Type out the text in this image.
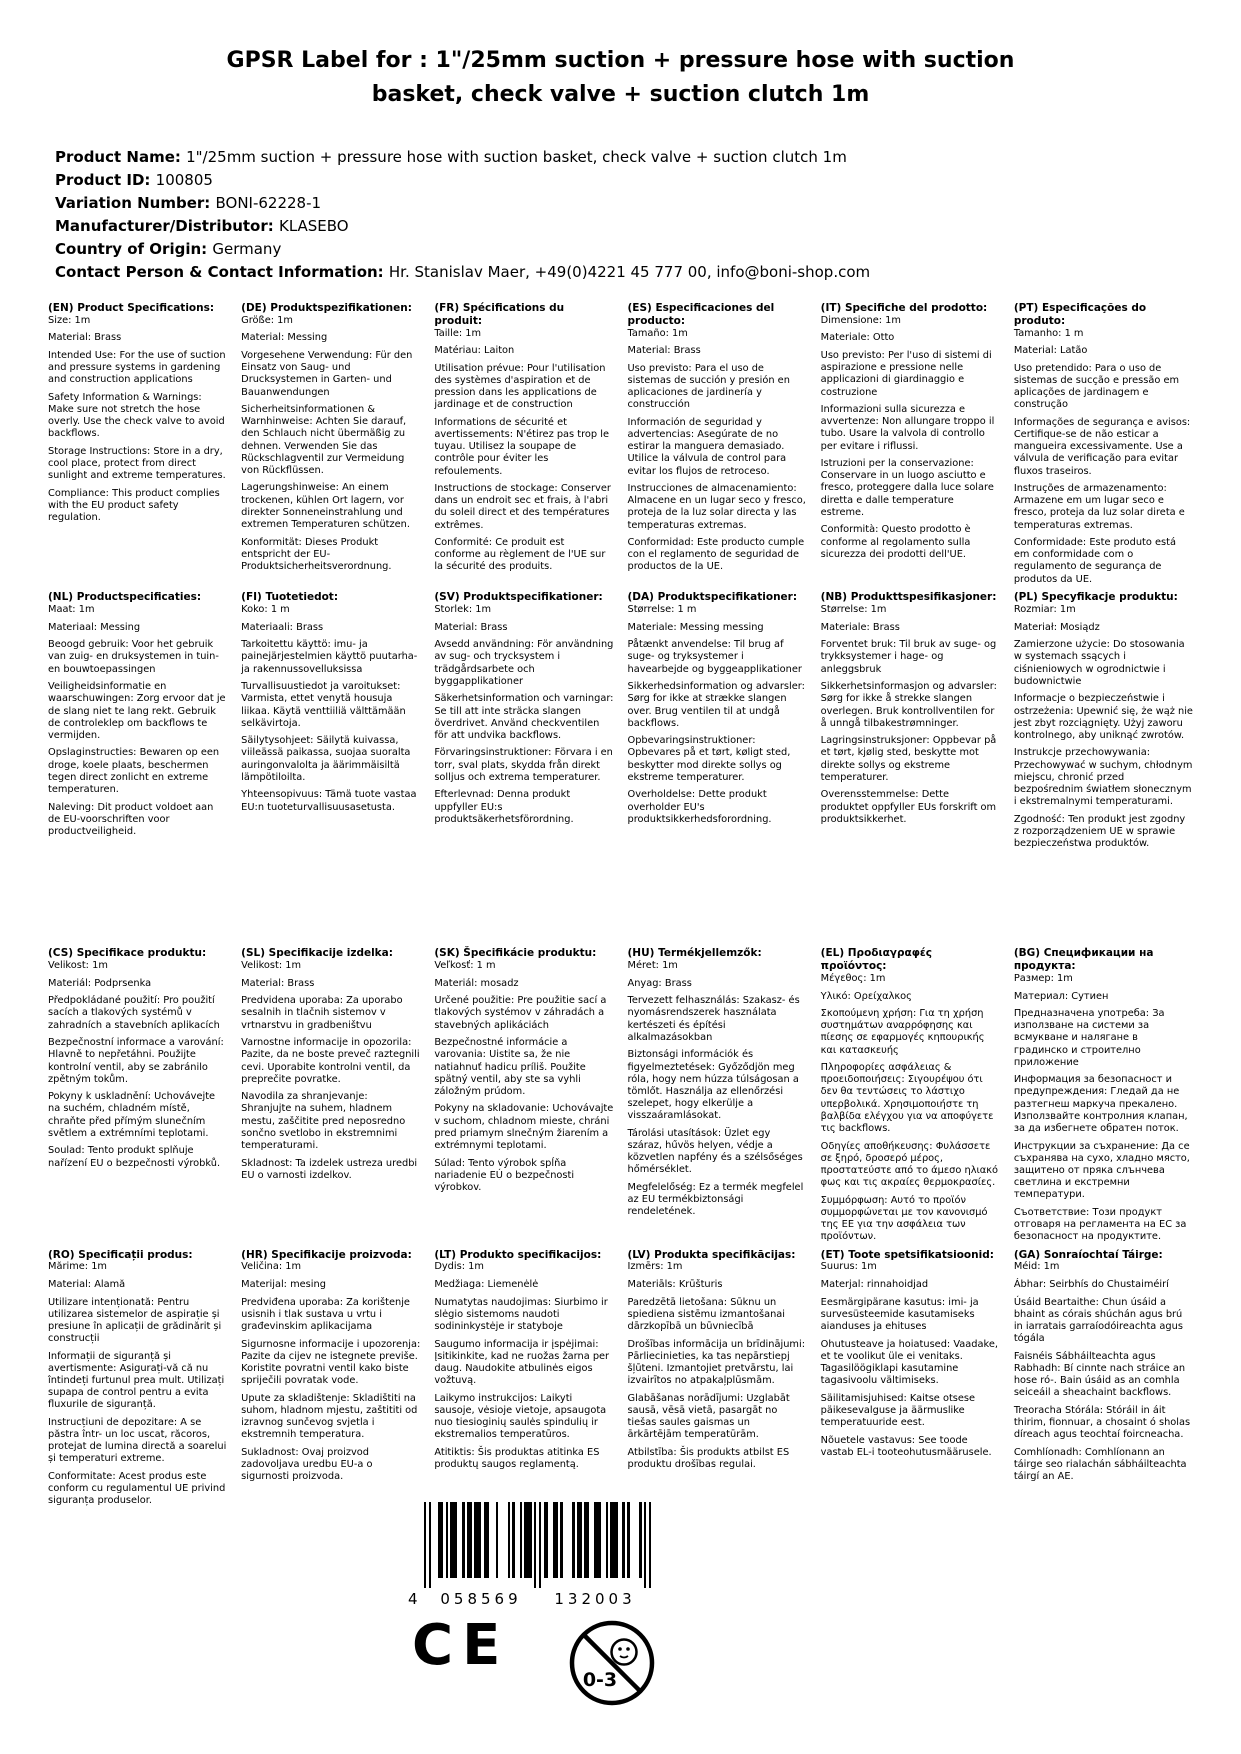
GPSR Label for : 1"/25mm suction + pressure hose with suction basket, check valve + suction clutch 1m
Product Name: 1"/25mm suction + pressure hose with suction basket, check valve + suction clutch 1m
Product ID: 100805
Variation Number: BONI-62228-1
Manufacturer/Distributor: KLASEBO
Country of Origin: Germany
Contact Person & Contact Information: Hr. Stanislav Maer, +49(0)4221 45 777 00, info@boni-shop.com
(EN) Product Specifications:

Size: 1m

Material: Brass

Intended Use: For the use of suction and pressure systems in gardening and construction applications

Safety Information & Warnings: Make sure not stretch the hose overly. Use the check valve to avoid backflows.

Storage Instructions: Store in a dry, cool place, protect from direct sunlight and extreme temperatures.

Compliance: This product complies with the EU product safety regulation.

(DE) Produktspezifikationen:

Größe: 1m

Material: Messing

Vorgesehene Verwendung: Für den Einsatz von Saug- und Drucksystemen in Garten- und Bauanwendungen

Sicherheitsinformationen & Warnhinweise: Achten Sie darauf, den Schlauch nicht übermäßig zu dehnen. Verwenden Sie das Rückschlagventil zur Vermeidung von Rückflüssen.

Lagerungshinweise: An einem trockenen, kühlen Ort lagern, vor direkter Sonneneinstrahlung und extremen Temperaturen schützen.

Konformität: Dieses Produkt entspricht der EU-Produktsicherheitsverordnung.

(FR) Spécifications du produit:

Taille: 1m

Matériau: Laiton

Utilisation prévue: Pour l'utilisation des systèmes d'aspiration et de pression dans les applications de jardinage et de construction

Informations de sécurité et avertissements: N'étirez pas trop le tuyau. Utilisez la soupape de contrôle pour éviter les refoulements.

Instructions de stockage: Conserver dans un endroit sec et frais, à l'abri du soleil direct et des températures extrêmes.

Conformité: Ce produit est conforme au règlement de l'UE sur la sécurité des produits.

(ES) Especificaciones del producto:

Tamaño: 1m

Material: Brass

Uso previsto: Para el uso de sistemas de succión y presión en aplicaciones de jardinería y construcción

Información de seguridad y advertencias: Asegúrate de no estirar la manguera demasiado. Utilice la válvula de control para evitar los flujos de retroceso.

Instrucciones de almacenamiento: Almacene en un lugar seco y fresco, proteja de la luz solar directa y las temperaturas extremas.

Conformidad: Este producto cumple con el reglamento de seguridad de productos de la UE.

(IT) Specifiche del prodotto:

Dimensione: 1m

Materiale: Otto

Uso previsto: Per l'uso di sistemi di aspirazione e pressione nelle applicazioni di giardinaggio e costruzione

Informazioni sulla sicurezza e avvertenze: Non allungare troppo il tubo. Usare la valvola di controllo per evitare i riflussi.

Istruzioni per la conservazione: Conservare in un luogo asciutto e fresco, proteggere dalla luce solare diretta e dalle temperature estreme.

Conformità: Questo prodotto è conforme al regolamento sulla sicurezza dei prodotti dell'UE.

(PT) Especificações do produto:

Tamanho: 1 m

Material: Latão

Uso pretendido: Para o uso de sistemas de sucção e pressão em aplicações de jardinagem e construção

Informações de segurança e avisos: Certifique-se de não esticar a mangueira excessivamente. Use a válvula de verificação para evitar fluxos traseiros.

Instruções de armazenamento: Armazene em um lugar seco e fresco, proteja da luz solar direta e temperaturas extremas.

Conformidade: Este produto está em conformidade com o regulamento de segurança de produtos da UE.

(NL) Productspecificaties:

Maat: 1m

Materiaal: Messing

Beoogd gebruik: Voor het gebruik van zuig- en druksystemen in tuin- en bouwtoepassingen

Veiligheidsinformatie en waarschuwingen: Zorg ervoor dat je de slang niet te lang rekt. Gebruik de controleklep om backflows te vermijden.

Opslaginstructies: Bewaren op een droge, koele plaats, beschermen tegen direct zonlicht en extreme temperaturen.

Naleving: Dit product voldoet aan de EU-voorschriften voor productveiligheid.

(FI) Tuotetiedot:

Koko: 1 m

Materiaali: Brass

Tarkoitettu käyttö: imu- ja painejärjestelmien käyttö puutarha- ja rakennussovelluksissa

Turvallisuustiedot ja varoitukset: Varmista, ettet venytä housuja liikaa. Käytä venttiiliä välttämään selkävirtoja.

Säilytysohjeet: Säilytä kuivassa, viileässä paikassa, suojaa suoralta auringonvalolta ja äärimmäisiltä lämpötiloilta.

Yhteensopivuus: Tämä tuote vastaa EU:n tuoteturvallisuusasetusta.

(SV) Produktspecifikationer:

Storlek: 1m

Material: Brass

Avsedd användning: För användning av sug- och trycksystem i trädgårdsarbete och byggapplikationer

Säkerhetsinformation och varningar: Se till att inte sträcka slangen överdrivet. Använd checkventilen för att undvika backflows.

Förvaringsinstruktioner: Förvara i en torr, sval plats, skydda från direkt solljus och extrema temperaturer.

Efterlevnad: Denna produkt uppfyller EU:s produktsäkerhetsförordning.

(DA) Produktspecifikationer:

Størrelse: 1 m

Materiale: Messing messing

Påtænkt anvendelse: Til brug af suge- og tryksystemer i havearbejde og byggeapplikationer

Sikkerhedsinformation og advarsler: Sørg for ikke at strække slangen over. Brug ventilen til at undgå backflows.

Opbevaringsinstruktioner: Opbevares på et tørt, køligt sted, beskytter mod direkte sollys og ekstreme temperaturer.

Overholdelse: Dette produkt overholder EU's produktsikkerhedsforordning.

(NB) Produkttspesifikasjoner:

Størrelse: 1m

Materiale: Brass

Forventet bruk: Til bruk av suge- og trykksystemer i hage- og anleggsbruk

Sikkerhetsinformasjon og advarsler: Sørg for ikke å strekke slangen overlegen. Bruk kontrollventilen for å unngå tilbakestrømninger.

Lagringsinstruksjoner: Oppbevar på et tørt, kjølig sted, beskytte mot direkte sollys og ekstreme temperaturer.

Overensstemmelse: Dette produktet oppfyller EUs forskrift om produktsikkerhet.

(PL) Specyfikacje produktu:

Rozmiar: 1m

Materiał: Mosiądz

Zamierzone użycie: Do stosowania w systemach ssących i ciśnieniowych w ogrodnictwie i budownictwie

Informacje o bezpieczeństwie i ostrzeżenia: Upewnić się, że wąż nie jest zbyt rozciągnięty. Użyj zaworu kontrolnego, aby uniknąć zwrotów.

Instrukcje przechowywania: Przechowywać w suchym, chłodnym miejscu, chronić przed bezpośrednim światłem słonecznym i ekstremalnymi temperaturami.

Zgodność: Ten produkt jest zgodny z rozporządzeniem UE w sprawie bezpieczeństwa produktów.

(CS) Specifikace produktu:

Velikost: 1m

Materiál: Podprsenka

Předpokládané použití: Pro použití sacích a tlakových systémů v zahradních a stavebních aplikacích

Bezpečnostní informace a varování: Hlavně to nepřetáhni. Použijte kontrolní ventil, aby se zabránilo zpětným tokům.

Pokyny k uskladnění: Uchovávejte na suchém, chladném místě, chraňte před přímým slunečním světlem a extrémními teplotami.

Soulad: Tento produkt splňuje nařízení EU o bezpečnosti výrobků.

(SL) Specifikacije izdelka:

Velikost: 1m

Material: Brass

Predvidena uporaba: Za uporabo sesalnih in tlačnih sistemov v vrtnarstvu in gradbeništvu

Varnostne informacije in opozorila: Pazite, da ne boste preveč raztegnili cevi. Uporabite kontrolni ventil, da preprečite povratke.

Navodila za shranjevanje: Shranjujte na suhem, hladnem mestu, zaščitite pred neposredno sončno svetlobo in ekstremnimi temperaturami.

Skladnost: Ta izdelek ustreza uredbi EU o varnosti izdelkov.

(SK) Špecifikácie produktu:

Veľkosť: 1 m

Materiál: mosadz

Určené použitie: Pre použitie sací a tlakových systémov v záhradách a stavebných aplikáciách

Bezpečnostné informácie a varovania: Uistite sa, že nie natiahnuť hadicu príliš. Použite spätný ventil, aby ste sa vyhli záložným prúdom.

Pokyny na skladovanie: Uchovávajte v suchom, chladnom mieste, chráni pred priamym slnečným žiarením a extrémnymi teplotami.

Súlad: Tento výrobok spĺňa nariadenie EÚ o bezpečnosti výrobkov.

(HU) Termékjellemzők:

Méret: 1m

Anyag: Brass

Tervezett felhasználás: Szakasz- és nyomásrendszerek használata kertészeti és építési alkalmazásokban

Biztonsági információk és figyelmeztetések: Győződjön meg róla, hogy nem húzza túlságosan a tömlőt. Használja az ellenőrzési szelepet, hogy elkerülje a visszaáramlásokat.

Tárolási utasítások: Üzlet egy száraz, hűvös helyen, védje a közvetlen napfény és a szélsőséges hőmérséklet.

Megfelelőség: Ez a termék megfelel az EU termékbiztonsági rendeletének.

(EL) Προδιαγραφές προϊόντος:

Μέγεθος: 1m

Υλικό: Ορείχαλκος

Σκοπούμενη χρήση: Για τη χρήση συστημάτων αναρρόφησης και πίεσης σε εφαρμογές κηπουρικής και κατασκευής

Πληροφορίες ασφάλειας & προειδοποιήσεις: Σιγουρέψου ότι δεν θα τεντώσεις το λάστιχο υπερβολικά. Χρησιμοποιήστε τη βαλβίδα ελέγχου για να αποφύγετε τις backflows.

Οδηγίες αποθήκευσης: Φυλάσσετε σε ξηρό, δροσερό μέρος, προστατεύστε από το άμεσο ηλιακό φως και τις ακραίες θερμοκρασίες.

Συμμόρφωση: Αυτό το προϊόν συμμορφώνεται με τον κανονισμό της ΕΕ για την ασφάλεια των προϊόντων.

(BG) Спецификации на продукта:

Размер: 1m

Материал: Сутиен

Предназначена употреба: За използване на системи за всмукване и налягане в градинско и строително приложение

Информация за безопасност и предупреждения: Гледай да не разтегнеш маркуча прекалено. Използвайте контролния клапан, за да избегнете обратен поток.

Инструкции за съхранение: Да се съхранява на сухо, хладно място, защитено от пряка слънчева светлина и екстремни температури.

Съответствие: Този продукт отговаря на регламента на ЕС за безопасност на продуктите.

(RO) Specificații produs:

Mărime: 1m

Material: Alamă

Utilizare intenționată: Pentru utilizarea sistemelor de aspirație și presiune în aplicații de grădinărit și construcții

Informații de siguranță și avertismente: Asigurați-vă că nu întindeți furtunul prea mult. Utilizați supapa de control pentru a evita fluxurile de siguranță.

Instrucțiuni de depozitare: A se păstra într- un loc uscat, răcoros, protejat de lumina directă a soarelui și temperaturi extreme.

Conformitate: Acest produs este conform cu regulamentul UE privind siguranța produselor.

(HR) Specifikacije proizvoda:

Veličina: 1m

Materijal: mesing

Predviđena uporaba: Za korištenje usisnih i tlak sustava u vrtu i građevinskim aplikacijama

Sigurnosne informacije i upozorenja: Pazite da cijev ne istegnete previše. Koristite povratni ventil kako biste spriječili povratak vode.

Upute za skladištenje: Skladištiti na suhom, hladnom mjestu, zaštititi od izravnog sunčevog svjetla i ekstremnih temperatura.

Sukladnost: Ovaj proizvod zadovoljava uredbu EU-a o sigurnosti proizvoda.

(LT) Produkto specifikacijos:

Dydis: 1m

Medžiaga: Liemenėlė

Numatytas naudojimas: Siurbimo ir slėgio sistemoms naudoti sodininkystėje ir statyboje

Saugumo informacija ir įspėjimai: Įsitikinkite, kad ne ruožas žarna per daug. Naudokite atbulinės eigos vožtuvą.

Laikymo instrukcijos: Laikyti sausoje, vėsioje vietoje, apsaugota nuo tiesioginių saulės spindulių ir ekstremalios temperatūros.

Atitiktis: Šis produktas atitinka ES produktų saugos reglamentą.

(LV) Produkta specifikācijas:

Izmērs: 1m

Materiāls: Krūšturis

Paredzētā lietošana: Sūknu un spiediena sistēmu izmantošanai dārzkopībā un būvniecībā

Drošības informācija un brīdinājumi: Pārliecinieties, ka tas nepārstiepj šļūteni. Izmantojiet pretvārstu, lai izvairītos no atpakaļplūsmām.

Glabāšanas norādījumi: Uzglabāt sausā, vēsā vietā, pasargāt no tiešas saules gaismas un ārkārtējām temperatūrām.

Atbilstība: Šis produkts atbilst ES produktu drošības regulai.

(ET) Toote spetsifikatsioonid:

Suurus: 1m

Materjal: rinnahoidjad

Eesmärgipärane kasutus: imi- ja survesüsteemide kasutamiseks aianduses ja ehituses

Ohutusteave ja hoiatused: Vaadake, et te voolikut üle ei venitaks. Tagasilöögiklapi kasutamine tagasivoolu vältimiseks.

Säilitamisjuhised: Kaitse otsese päikesevalguse ja äärmuslike temperatuuride eest.

Nõuetele vastavus: See toode vastab EL-i tooteohutusmäärusele.

(GA) Sonraíochtaí Táirge:

Méid: 1m

Ábhar: Seirbhís do Chustaiméirí

Úsáid Beartaithe: Chun úsáid a bhaint as córais shúchán agus brú in iarratais garraíodóireachta agus tógála

Faisnéis Sábháilteachta agus Rabhadh: Bí cinnte nach stráice an hose ró-. Bain úsáid as an comhla seiceáil a sheachaint backflows.

Treoracha Stórála: Stóráil in áit thirim, fionnuar, a chosaint ó sholas díreach agus teochtaí foircneacha.

Comhlíonadh: Comhlíonann an táirge seo rialachán sábháilteachta táirgí an AE.

4	058569	132003
CE
0-3
